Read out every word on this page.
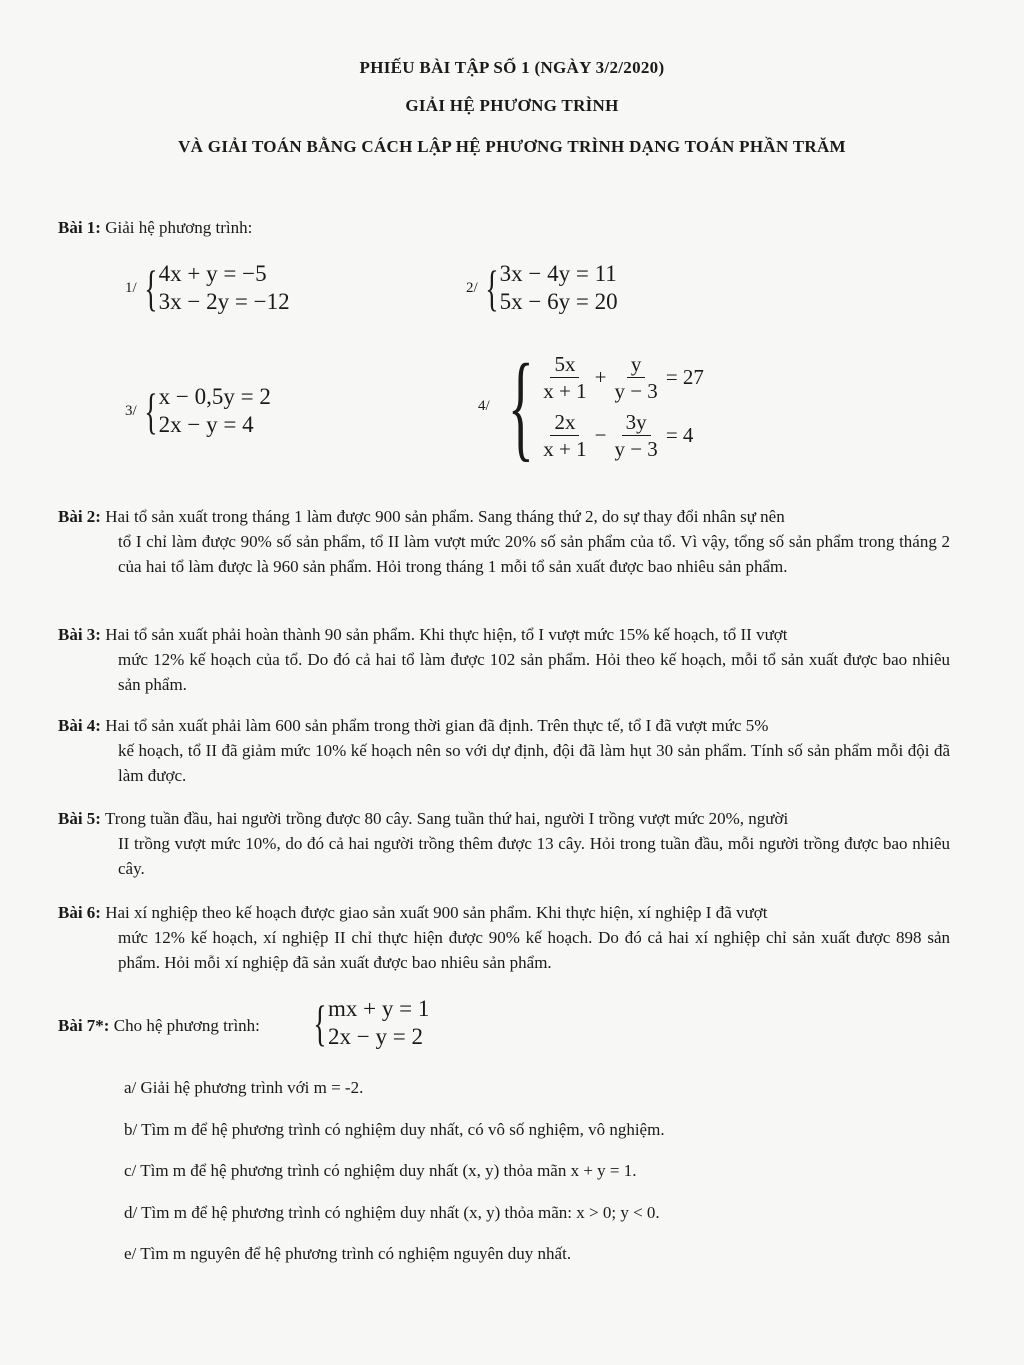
PHIẾU BÀI TẬP SỐ 1 (NGÀY 3/2/2020)
GIẢI HỆ PHƯƠNG TRÌNH
VÀ GIẢI TOÁN BẰNG CÁCH LẬP HỆ PHƯƠNG TRÌNH DẠNG TOÁN PHẦN TRĂM
Bài 1: Giải hệ phương trình:
1/ { 4x + y = −5
3x − 2y = −12
2/ { 3x − 4y = 11
5x − 6y = 20
3/ { x − 0,5y = 2
2x − y = 4
4/ { $\frac{5x}{x + 1} + \frac{y}{y - 3} = 27$
$\frac{2x}{x + 1} - \frac{3y}{y - 3} = 4$
Bài 2: Hai tổ sản xuất trong tháng 1 làm được 900 sản phẩm. Sang tháng thứ 2, do sự thay đổi nhân sự nên
tổ I chỉ làm được 90% số sản phẩm, tổ II làm vượt mức 20% số sản phẩm của tổ. Vì vậy, tổng số sản phẩm trong tháng 2 của hai tổ làm được là 960 sản phẩm. Hỏi trong tháng 1 mỗi tổ sản xuất được bao nhiêu sản phẩm.
Bài 3: Hai tổ sản xuất phải hoàn thành 90 sản phẩm. Khi thực hiện, tổ I vượt mức 15% kế hoạch, tổ II vượt
mức 12% kế hoạch của tổ. Do đó cả hai tổ làm được 102 sản phẩm. Hỏi theo kế hoạch, mỗi tổ sản xuất được bao nhiêu sản phẩm.
Bài 4: Hai tổ sản xuất phải làm 600 sản phẩm trong thời gian đã định. Trên thực tế, tổ I đã vượt mức 5%
kế hoạch, tổ II đã giảm mức 10% kế hoạch nên so với dự định, đội đã làm hụt 30 sản phẩm. Tính số sản phẩm mỗi đội đã làm được.
Bài 5: Trong tuần đầu, hai người trồng được 80 cây. Sang tuần thứ hai, người I trồng vượt mức 20%, người
II trồng vượt mức 10%, do đó cả hai người trồng thêm được 13 cây. Hỏi trong tuần đầu, mỗi người trồng được bao nhiêu cây.
Bài 6: Hai xí nghiệp theo kế hoạch được giao sản xuất 900 sản phẩm. Khi thực hiện, xí nghiệp I đã vượt
mức 12% kế hoạch, xí nghiệp II chỉ thực hiện được 90% kế hoạch. Do đó cả hai xí nghiệp chỉ sản xuất được 898 sản phẩm. Hỏi mỗi xí nghiệp đã sản xuất được bao nhiêu sản phẩm.
Bài 7*: Cho hệ phương trình: { mx + y = 1
2x − y = 2
a/ Giải hệ phương trình với m = -2.
b/ Tìm m để hệ phương trình có nghiệm duy nhất, có vô số nghiệm, vô nghiệm.
c/ Tìm m để hệ phương trình có nghiệm duy nhất (x, y) thỏa mãn x + y = 1.
d/ Tìm m để hệ phương trình có nghiệm duy nhất (x, y) thỏa mãn: x > 0; y < 0.
e/ Tìm m nguyên để hệ phương trình có nghiệm nguyên duy nhất.
